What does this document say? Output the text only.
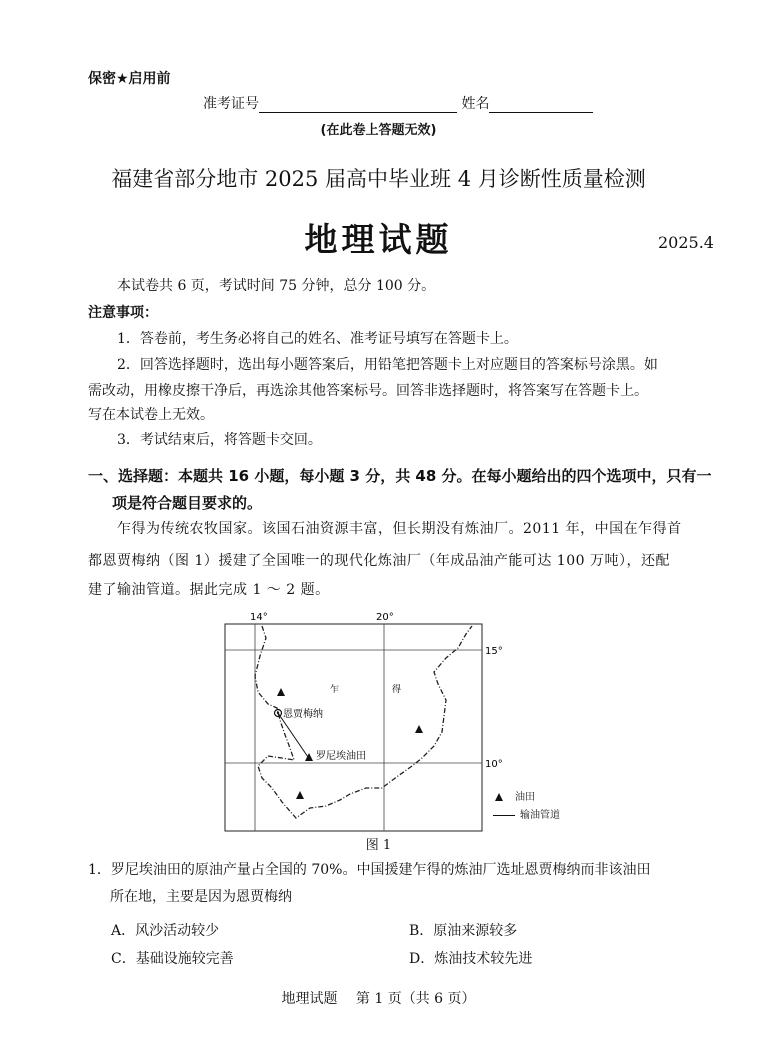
保密★启用前
准考证号	姓名
(在此卷上答题无效)
福建省部分地市 2025 届高中毕业班 4 月诊断性质量检测
地理试题	2025.4
本试卷共 6 页，考试时间 75 分钟，总分 100 分。
注意事项：
1．答卷前，考生务必将自己的姓名、准考证号填写在答题卡上。
2．回答选择题时，选出每小题答案后，用铅笔把答题卡上对应题目的答案标号涂黑。如
需改动，用橡皮擦干净后，再选涂其他答案标号。回答非选择题时，将答案写在答题卡上。
写在本试卷上无效。
3．考试结束后，将答题卡交回。
一、选择题：本题共 16 小题，每小题 3 分，共 48 分。在每小题给出的四个选项中，只有一
项是符合题目要求的。
乍得为传统农牧国家。该国石油资源丰富，但长期没有炼油厂。2011 年，中国在乍得首
都恩贾梅纳（图 1）援建了全国唯一的现代化炼油厂（年成品油产能可达 100 万吨），还配
建了输油管道。据此完成 1 ～ 2 题。
14°	20°
15°
10°
恩贾梅纳
罗尼埃油田
乍	得
油田
输油管道
图 1
1．罗尼埃油田的原油产量占全国的 70%。中国援建乍得的炼油厂选址恩贾梅纳而非该油田
所在地，主要是因为恩贾梅纳
A．风沙活动较少	B．原油来源较多
C．基础设施较完善	D．炼油技术较先进
地理试题　 第 1 页（共 6 页）
